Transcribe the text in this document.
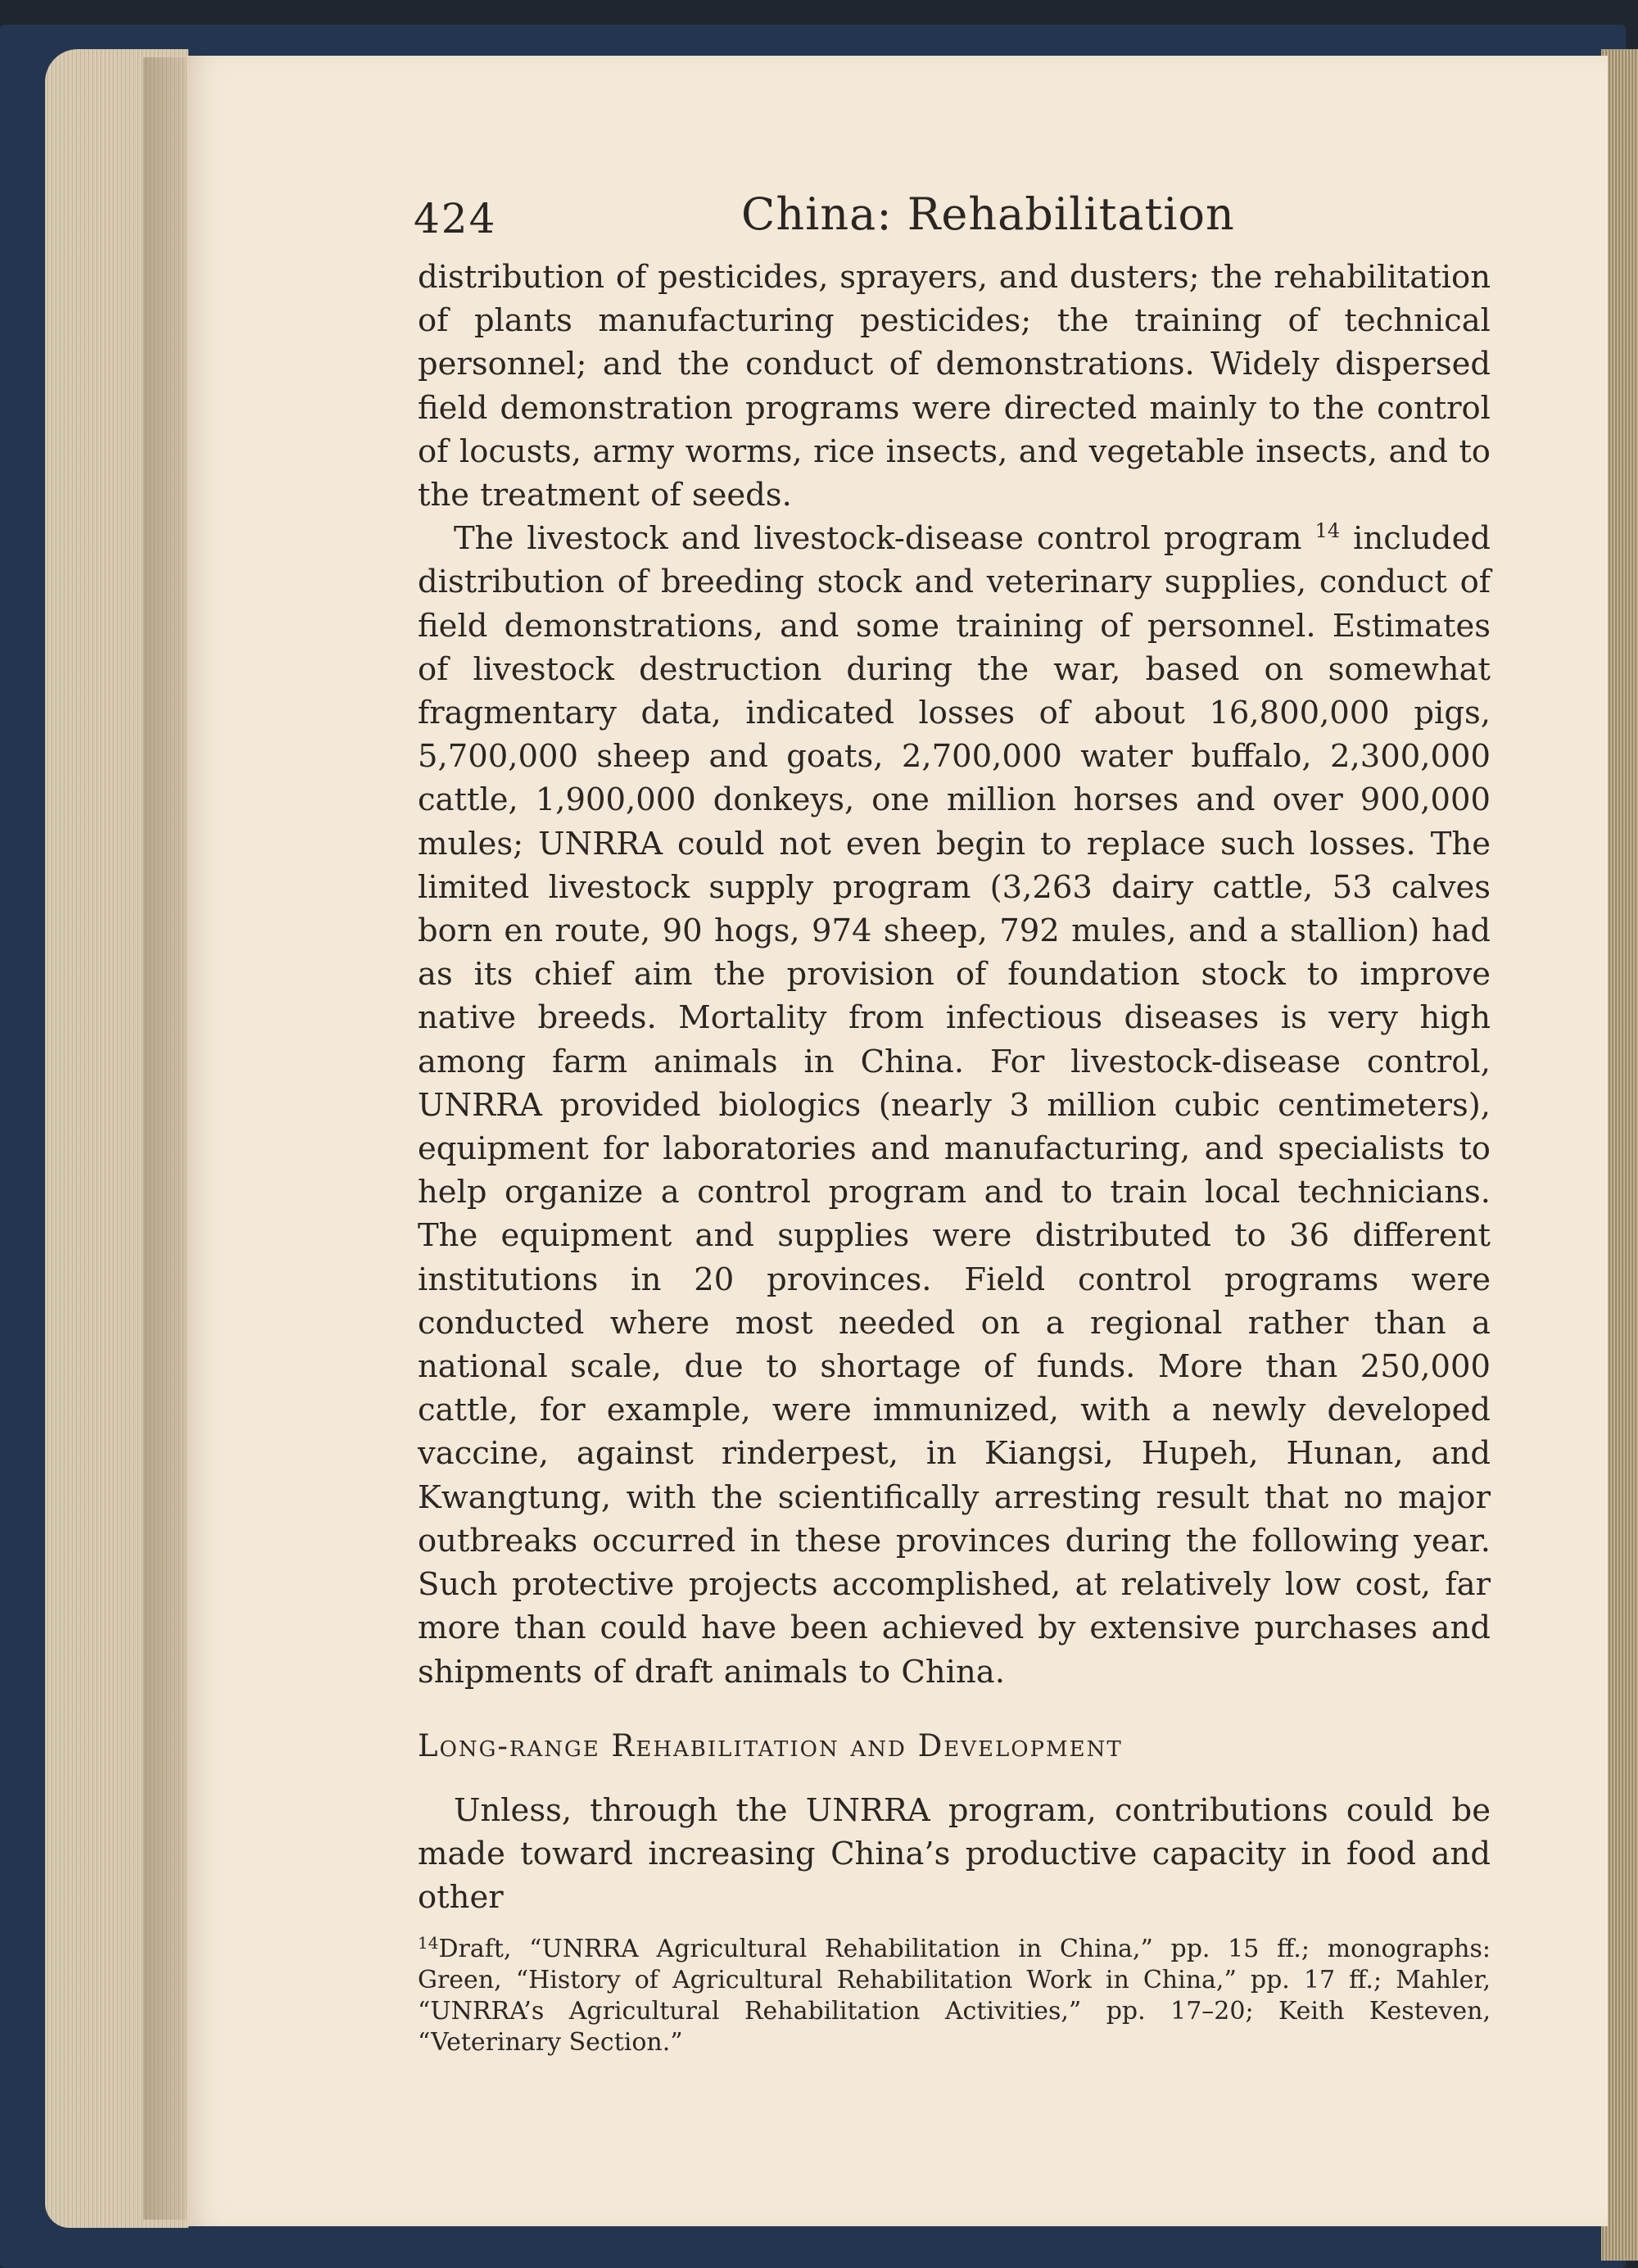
424	China: Rehabilitation

distribution of pesticides, sprayers, and dusters; the rehabilitation of plants manufacturing pesticides; the training of technical personnel; and the conduct of demonstrations. Widely dispersed field demonstration programs were directed mainly to the control of locusts, army worms, rice insects, and vegetable insects, and to the treatment of seeds.

The livestock and livestock-disease control program $^{14}$ included distribution of breeding stock and veterinary supplies, conduct of field demonstrations, and some training of personnel. Estimates of livestock destruction during the war, based on somewhat fragmentary data, indicated losses of about 16,800,000 pigs, 5,700,000 sheep and goats, 2,700,000 water buffalo, 2,300,000 cattle, 1,900,000 donkeys, one million horses and over 900,000 mules; UNRRA could not even begin to replace such losses. The limited livestock supply program (3,263 dairy cattle, 53 calves born en route, 90 hogs, 974 sheep, 792 mules, and a stallion) had as its chief aim the provision of foundation stock to improve native breeds. Mortality from infectious diseases is very high among farm animals in China. For livestock-disease control, UNRRA provided biologics (nearly 3 million cubic centimeters), equipment for laboratories and manufacturing, and specialists to help organize a control program and to train local technicians. The equipment and supplies were distributed to 36 different institutions in 20 provinces. Field control programs were conducted where most needed on a regional rather than a national scale, due to shortage of funds. More than 250,000 cattle, for example, were immunized, with a newly developed vaccine, against rinderpest, in Kiangsi, Hupeh, Hunan, and Kwangtung, with the scientifically arresting result that no major outbreaks occurred in these provinces during the following year. Such protective projects accomplished, at relatively low cost, far more than could have been achieved by extensive purchases and shipments of draft animals to China.

Long-range Rehabilitation and Development

Unless, through the UNRRA program, contributions could be made toward increasing China’s productive capacity in food and other

$^{14}$Draft, “UNRRA Agricultural Rehabilitation in China,” pp. 15 ff.; monographs: Green, “History of Agricultural Rehabilitation Work in China,” pp. 17 ff.; Mahler, “UNRRA’s Agricultural Rehabilitation Activities,” pp. 17–20; Keith Kesteven, “Veterinary Section.”
